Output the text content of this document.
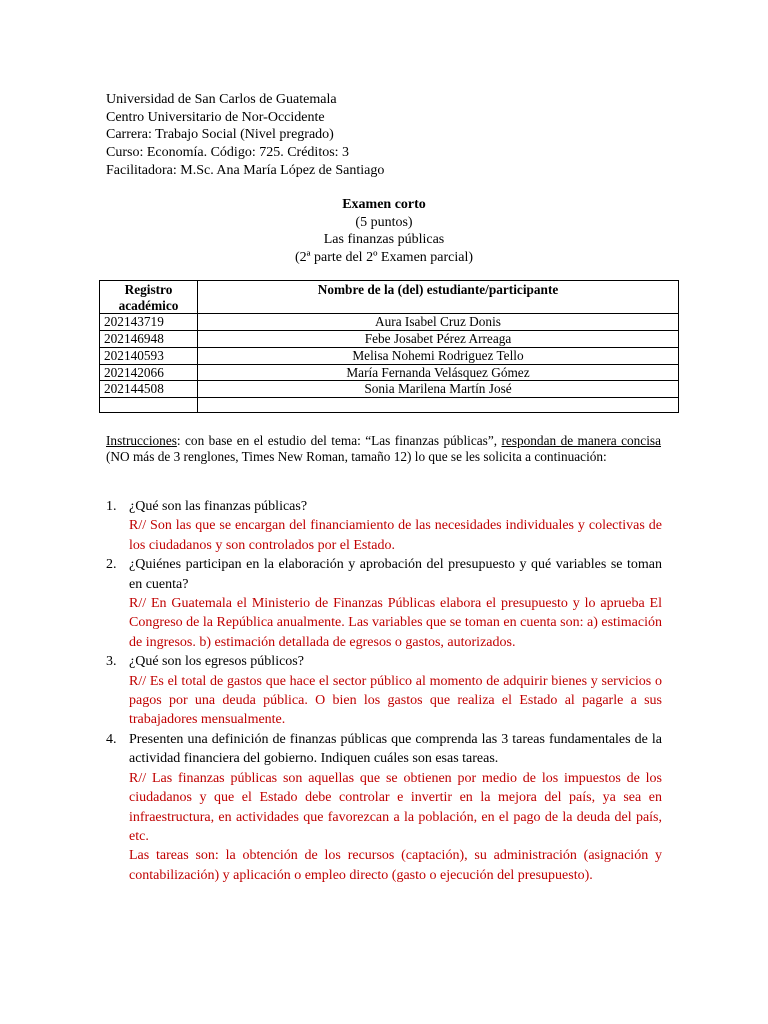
Universidad de San Carlos de Guatemala
Centro Universitario de Nor-Occidente
Carrera: Trabajo Social (Nivel pregrado)
Curso: Economía. Código: 725. Créditos: 3
Facilitadora: M.Sc. Ana María López de Santiago
Examen corto
(5 puntos)
Las finanzas públicas
(2ª parte del 2º Examen parcial)
Registro académico	Nombre de la (del) estudiante/participante
202143719	Aura Isabel Cruz Donis
202146948	Febe Josabet Pérez Arreaga
202140593	Melisa Nohemi Rodriguez Tello
202142066	María Fernanda Velásquez Gómez
202144508	Sonia Marilena Martín José

Instrucciones: con base en el estudio del tema: “Las finanzas públicas”, respondan de manera concisa (NO más de 3 renglones, Times New Roman, tamaño 12) lo que se les solicita a continuación:
1. ¿Qué son las finanzas públicas?
R// Son las que se encargan del financiamiento de las necesidades individuales y colectivas de los ciudadanos y son controlados por el Estado.
2. ¿Quiénes participan en la elaboración y aprobación del presupuesto y qué variables se toman en cuenta?
R// En Guatemala el Ministerio de Finanzas Públicas elabora el presupuesto y lo aprueba El Congreso de la República anualmente. Las variables que se toman en cuenta son: a) estimación de ingresos. b) estimación detallada de egresos o gastos, autorizados.
3. ¿Qué son los egresos públicos?
R// Es el total de gastos que hace el sector público al momento de adquirir bienes y servicios o pagos por una deuda pública. O bien los gastos que realiza el Estado al pagarle a sus trabajadores mensualmente.
4. Presenten una definición de finanzas públicas que comprenda las 3 tareas fundamentales de la actividad financiera del gobierno. Indiquen cuáles son esas tareas.
R// Las finanzas públicas son aquellas que se obtienen por medio de los impuestos de los ciudadanos y que el Estado debe controlar e invertir en la mejora del país, ya sea en infraestructura, en actividades que favorezcan a la población, en el pago de la deuda del país, etc.
Las tareas son: la obtención de los recursos (captación), su administración (asignación y contabilización) y aplicación o empleo directo (gasto o ejecución del presupuesto).
